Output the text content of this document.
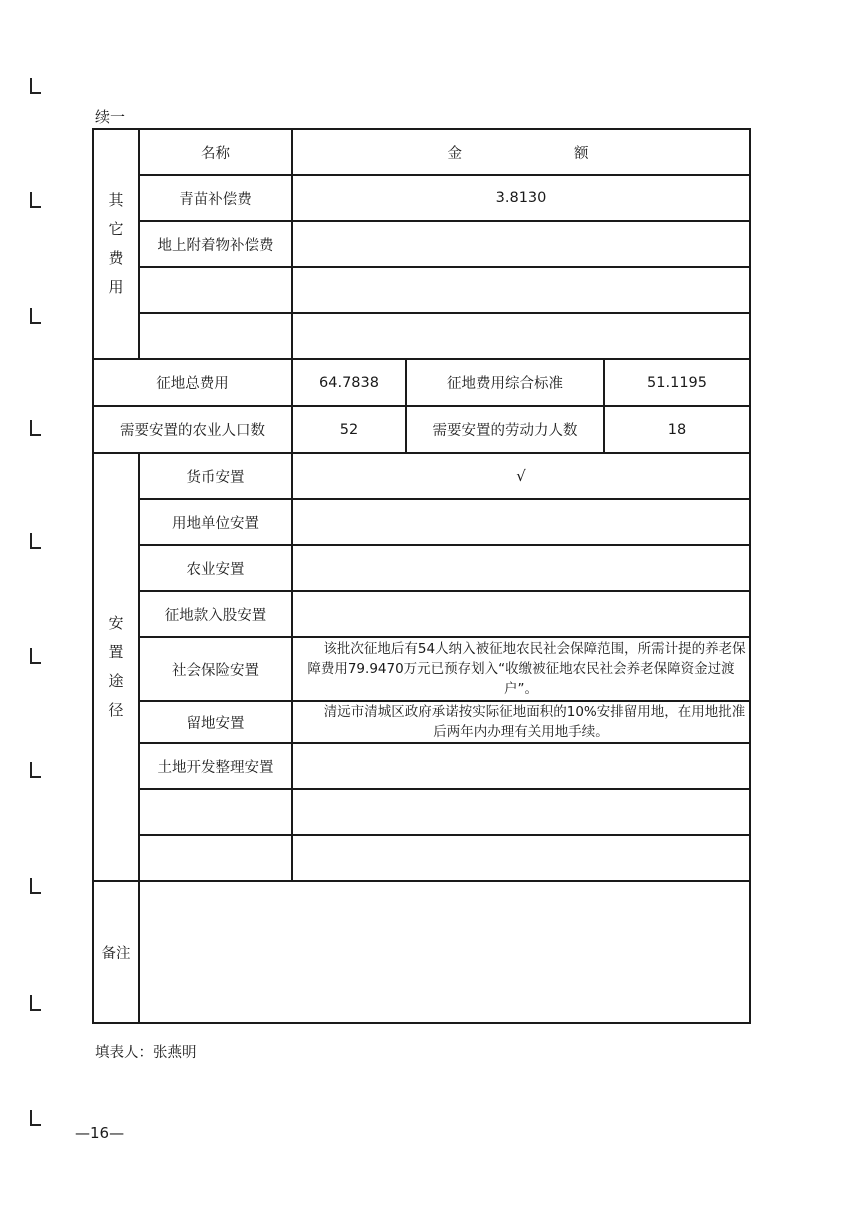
续一
其
它
费
用	名称	金          额		
	青苗补偿费	3.8130		
	地上附着物补偿费			

征地总费用		64.7838	征地费用综合标准	51.1195
需要安置的农业人口数		52	需要安置的劳动力人数	18

安
置
途
径	货币安置	√		
	用地单位安置			
	农业安置			
	征地款入股安置			
	社会保险安置	该批次征地后有54人纳入被征地农民社会保障范围，所需计提的养老保障费用79.9470万元已预存划入“收缴被征地农民社会养老保障资金过渡户”。		

	留地安置	清远市清城区政府承诺按实际征地面积的10%安排留用地，在用地批准后两年内办理有关用地手续。		

	土地开发整理安置			

备注				
填表人：张燕明
—16—
